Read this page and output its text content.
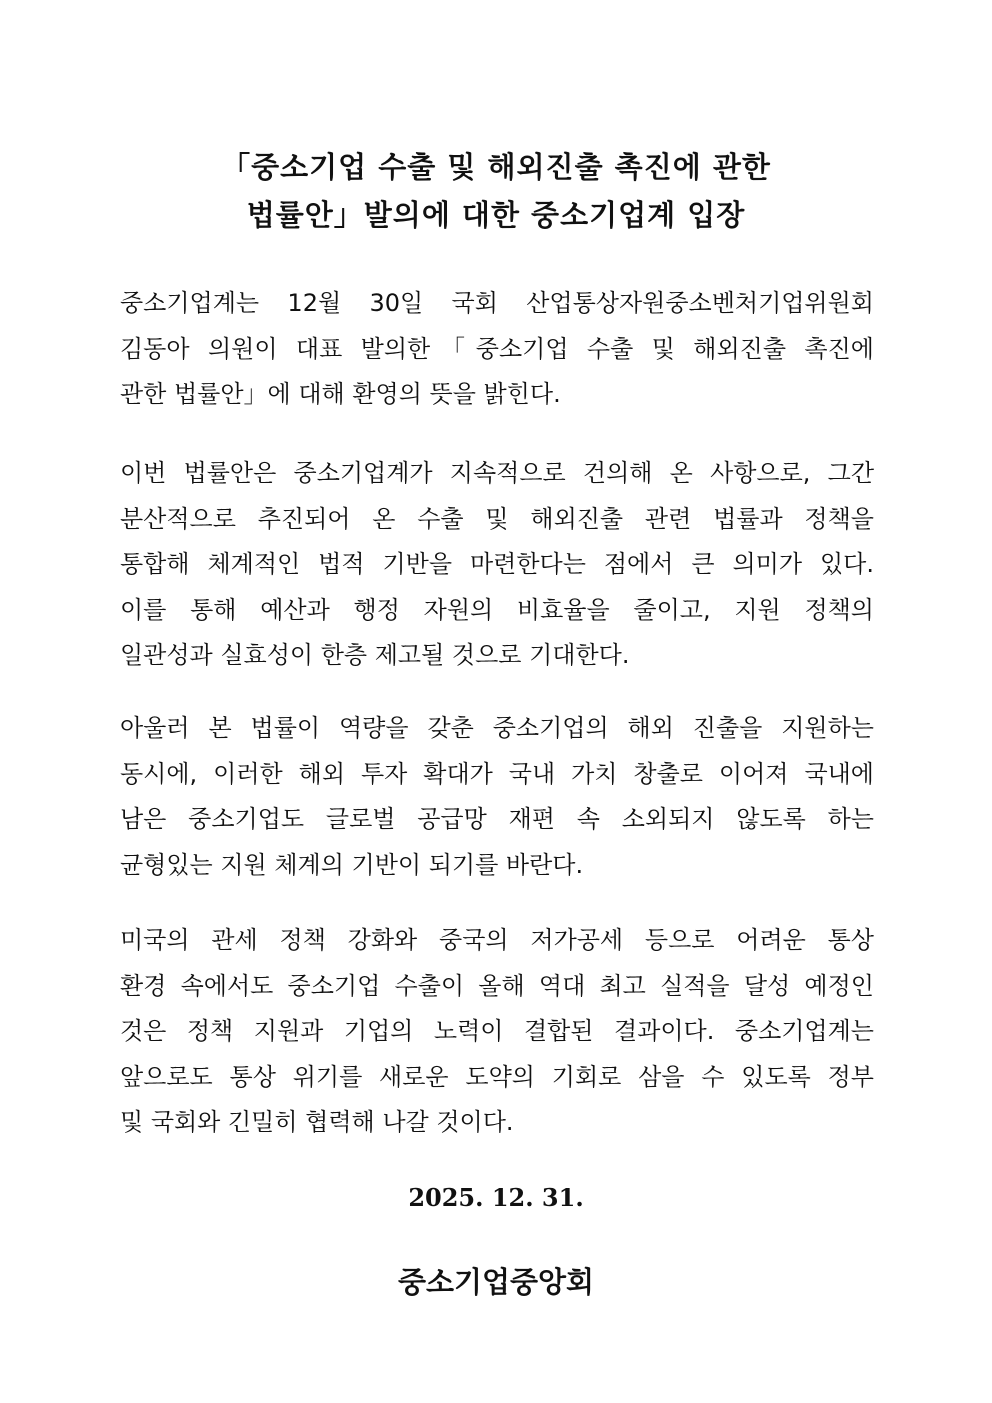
「중소기업 수출 및 해외진출 촉진에 관한
법률안」발의에 대한 중소기업계 입장
중소기업계는 12월 30일 국회 산업통상자원중소벤처기업위원회
김동아 의원이 대표 발의한「중소기업 수출 및 해외진출 촉진에
관한 법률안」에 대해 환영의 뜻을 밝힌다.
이번 법률안은 중소기업계가 지속적으로 건의해 온 사항으로, 그간
분산적으로 추진되어 온 수출 및 해외진출 관련 법률과 정책을
통합해 체계적인 법적 기반을 마련한다는 점에서 큰 의미가 있다.
이를 통해 예산과 행정 자원의 비효율을 줄이고, 지원 정책의
일관성과 실효성이 한층 제고될 것으로 기대한다.
아울러 본 법률이 역량을 갖춘 중소기업의 해외 진출을 지원하는
동시에, 이러한 해외 투자 확대가 국내 가치 창출로 이어져 국내에
남은 중소기업도 글로벌 공급망 재편 속 소외되지 않도록 하는
균형있는 지원 체계의 기반이 되기를 바란다.
미국의 관세 정책 강화와 중국의 저가공세 등으로 어려운 통상
환경 속에서도 중소기업 수출이 올해 역대 최고 실적을 달성 예정인
것은 정책 지원과 기업의 노력이 결합된 결과이다. 중소기업계는
앞으로도 통상 위기를 새로운 도약의 기회로 삼을 수 있도록 정부
및 국회와 긴밀히 협력해 나갈 것이다.
2025. 12. 31.
중소기업중앙회
